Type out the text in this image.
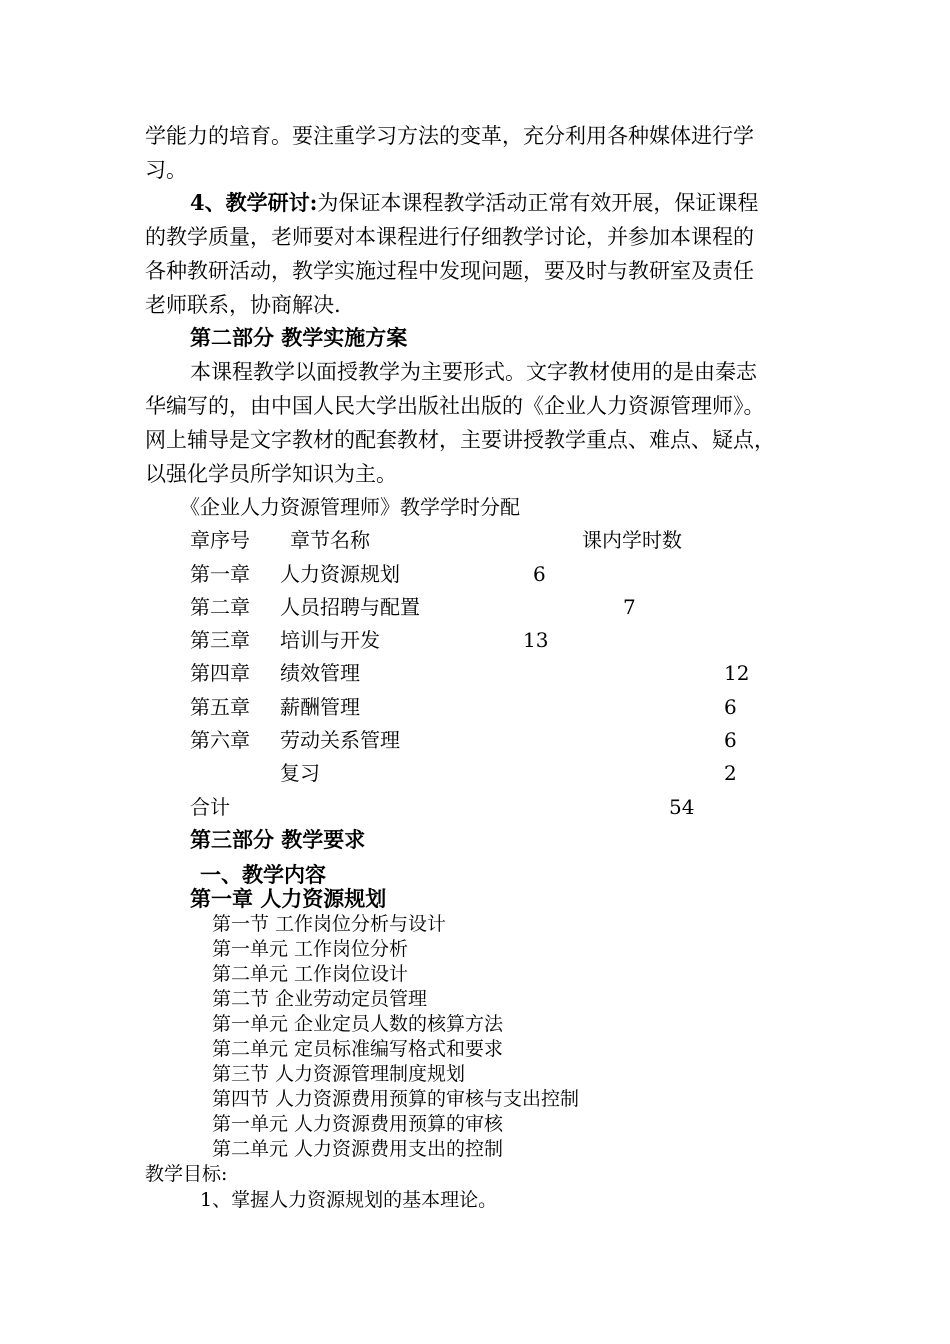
学能力的培育。要注重学习方法的变革，充分利用各种媒体进行学
习。
4、教学研讨:为保证本课程教学活动正常有效开展，保证课程
的教学质量，老师要对本课程进行仔细教学讨论，并参加本课程的
各种教研活动，教学实施过程中发现问题，要及时与教研室及责任
老师联系，协商解决.
第二部分 教学实施方案
本课程教学以面授教学为主要形式。文字教材使用的是由秦志
华编写的，由中国人民大学出版社出版的《企业人力资源管理师》。
网上辅导是文字教材的配套教材，主要讲授教学重点、难点、疑点，
以强化学员所学知识为主。
《企业人力资源管理师》教学学时分配
章序号 章节名称	课内学时数
第一章 人力资源规划	6
第二章 人员招聘与配置	7
第三章 培训与开发	13
第四章 绩效管理	12
第五章 薪酬管理	6
第六章 劳动关系管理	6
复习	2
合计	54
第三部分 教学要求
一、教学内容
第一章 人力资源规划
第一节 工作岗位分析与设计
第一单元 工作岗位分析
第二单元 工作岗位设计
第二节 企业劳动定员管理
第一单元 企业定员人数的核算方法
第二单元 定员标准编写格式和要求
第三节 人力资源管理制度规划
第四节 人力资源费用预算的审核与支出控制
第一单元 人力资源费用预算的审核
第二单元 人力资源费用支出的控制
教学目标:
1、掌握人力资源规划的基本理论。
